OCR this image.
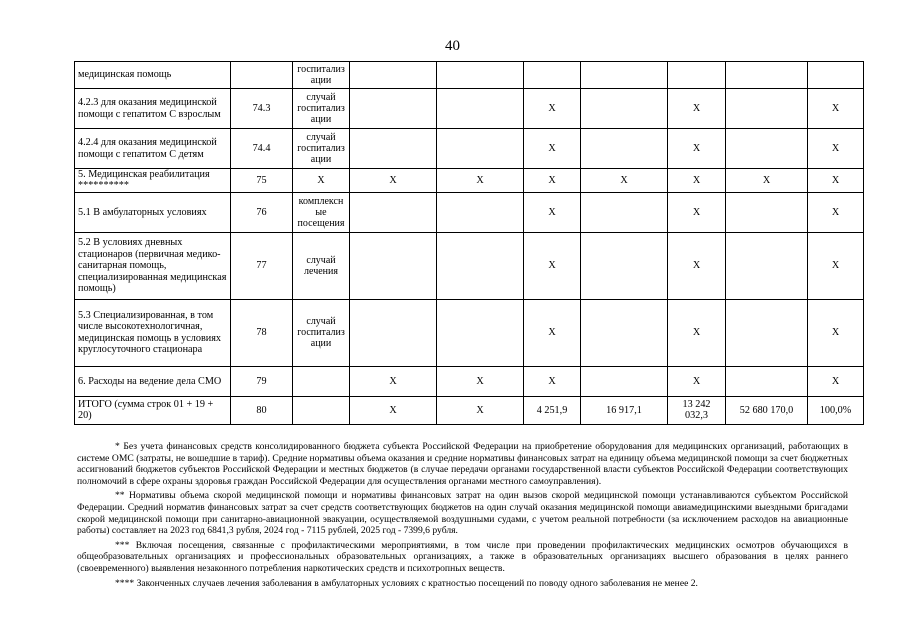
40
медицинская помощь		госпитализ ации							
4.2.3 для оказания медицинской помощи с гепатитом С взрослым	74.3	случай госпитализ ации			X		X		X
4.2.4 для оказания медицинской помощи с гепатитом С детям	74.4	случай госпитализ ации			X		X		X
5. Медицинская реабилитация **********	75	X	X	X	X	X	X	X	X
5.1 В амбулаторных условиях	76	комплексн ые посещения			X		X		X
5.2 В условиях дневных стационаров (первичная медико-санитарная помощь, специализированная медицинская помощь)	77	случай лечения			X		X		X
5.3 Специализированная, в том числе высокотехнологичная, медицинская помощь в условиях круглосуточного стационара	78	случай госпитализ ации			X		X		X
6. Расходы на ведение дела СМО	79		X	X	X		X		X
ИТОГО (сумма строк 01 + 19 + 20)	80		X	X	4 251,9	16 917,1	13 242 032,3	52 680 170,0	100,0%

* Без учета финансовых средств консолидированного бюджета субъекта Российской Федерации на приобретение оборудования для медицинских организаций, работающих в системе ОМС (затраты, не вошедшие в тариф). Средние нормативы объема оказания и средние нормативы финансовых затрат на единицу объема медицинской помощи за счет бюджетных ассигнований бюджетов субъектов Российской Федерации и местных бюджетов (в случае передачи органами государственной власти субъектов Российской Федерации соответствующих полномочий в сфере охраны здоровья граждан Российской Федерации для осуществления органами местного самоуправления).

** Нормативы объема скорой медицинской помощи и нормативы финансовых затрат на один вызов скорой медицинской помощи устанавливаются субъектом Российской Федерации. Средний норматив финансовых затрат за счет средств соответствующих бюджетов на один случай оказания медицинской помощи авиамедицинскими выездными бригадами скорой медицинской помощи при санитарно-авиационной эвакуации, осуществляемой воздушными судами, с учетом реальной потребности (за исключением расходов на авиационные работы) составляет на 2023 год 6841,3 рубля, 2024 год - 7115 рублей, 2025 год - 7399,6 рубля.

*** Включая посещения, связанные с профилактическими мероприятиями, в том числе при проведении профилактических медицинских осмотров обучающихся в общеобразовательных организациях и профессиональных образовательных организациях, а также в образовательных организациях высшего образования в целях раннего (своевременного) выявления незаконного потребления наркотических средств и психотропных веществ.

**** Законченных случаев лечения заболевания в амбулаторных условиях с кратностью посещений по поводу одного заболевания не менее 2.
